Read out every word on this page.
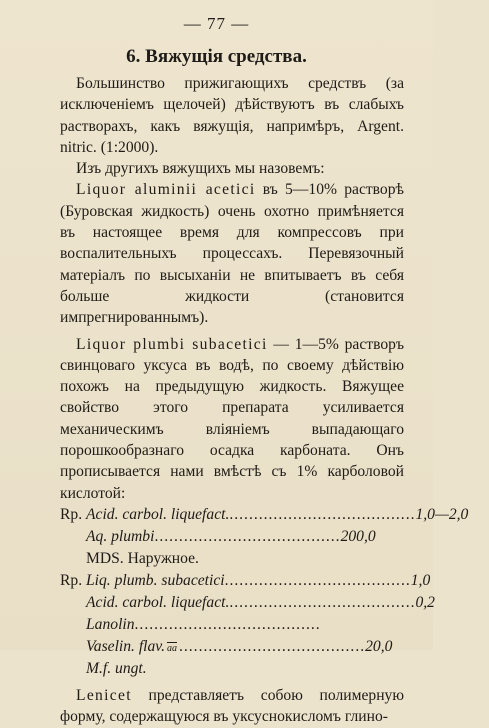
— 77 —
6. Вяжущія средства.

Большинство прижигающихъ средствъ (за исключеніемъ щелочей) дѣйствуютъ въ слабыхъ растворахъ, какъ вяжущія, напримѣръ, Argent. nitric. (1:2000).

Изъ другихъ вяжущихъ мы назовемъ:

Liquor aluminii acetici въ 5—10% растворѣ (Буровская жидкость) очень охотно примѣняется въ настоящее время для компрессовъ при воспалительныхъ процессахъ. Перевязочный матеріалъ по высыханіи не впитываетъ въ себя больше жидкости (становится импрегнированнымъ).

Liquor plumbi subacetici — 1—5% растворъ свинцоваго уксуса въ водѣ, по своему дѣйствію похожъ на предыдущую жидкость. Вяжущее свойство этого препарата усиливается механическимъ вліяніемъ выпадающаго порошкообразнаго осадка карбоната. Онъ прописывается нами вмѣстѣ съ 1% карболовой кислотой:

Rp. Acid. carbol. liquefact. ...................................... 1,0—2,0
Aq. plumbi ...................................... 200,0
MDS. Наружное.
Rp. Liq. plumb. subacetici ...................................... 1,0
Acid. carbol. liquefact. ...................................... 0,2
Lanolin ......................................
Vaselin. flav. $\overline{aa}$ ...................................... 20,0
M.f. ungt.

Lenicet представляетъ собою полимерную форму, содержащуюся въ уксуснокисломъ глино-
